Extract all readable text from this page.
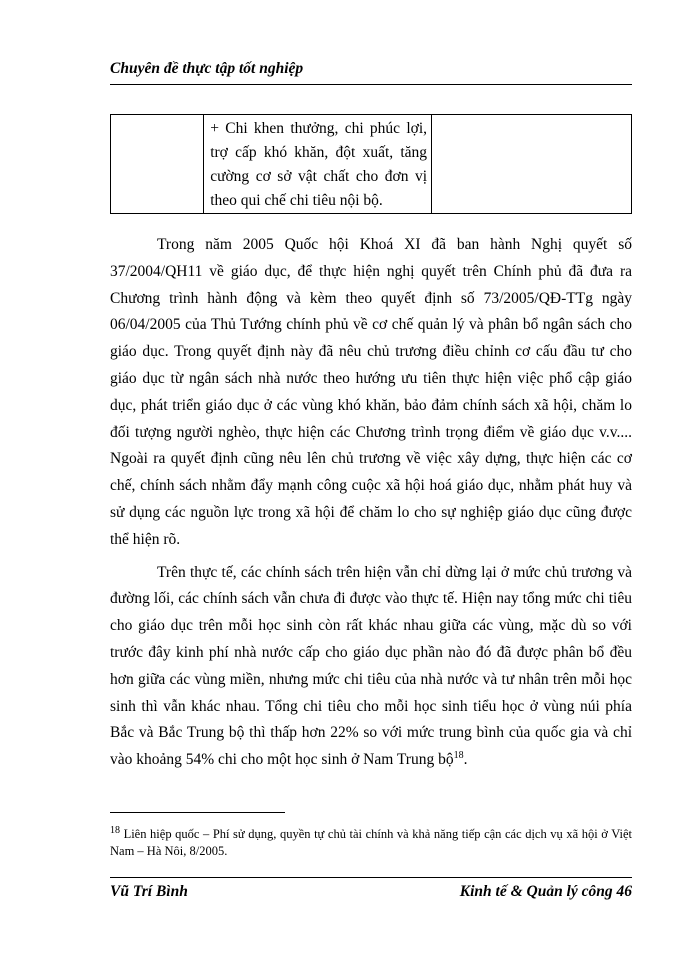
Chuyên đề thực tập tốt nghiệp
	+ Chi khen thưởng, chi phúc lợi, trợ cấp khó khăn, đột xuất, tăng cường cơ sở vật chất cho đơn vị theo qui chế chi tiêu nội bộ.	

Trong năm 2005 Quốc hội Khoá XI đã ban hành Nghị quyết số 37/2004/QH11 về giáo dục, để thực hiện nghị quyết trên Chính phủ đã đưa ra Chương trình hành động và kèm theo quyết định số 73/2005/QĐ-TTg ngày 06/04/2005 của Thủ Tướng chính phủ về cơ chế quản lý và phân bổ ngân sách cho giáo dục. Trong quyết định này đã nêu chủ trương điều chỉnh cơ cấu đầu tư cho giáo dục từ ngân sách nhà nước theo hướng ưu tiên thực hiện việc phổ cập giáo dục, phát triển giáo dục ở các vùng khó khăn, bảo đảm chính sách xã hội, chăm lo đối tượng người nghèo, thực hiện các Chương trình trọng điểm về giáo dục v.v.... Ngoài ra quyết định cũng nêu lên chủ trương về việc xây dựng, thực hiện các cơ chế, chính sách nhằm đẩy mạnh công cuộc xã hội hoá giáo dục, nhằm phát huy và sử dụng các nguồn lực trong xã hội để chăm lo cho sự nghiệp giáo dục cũng được thể hiện rõ.

Trên thực tế, các chính sách trên hiện vẫn chỉ dừng lại ở mức chủ trương và đường lối, các chính sách vẫn chưa đi được vào thực tế. Hiện nay tổng mức chi tiêu cho giáo dục trên mỗi học sinh còn rất khác nhau giữa các vùng, mặc dù so với trước đây kinh phí nhà nước cấp cho giáo dục phần nào đó đã được phân bổ đều hơn giữa các vùng miền, nhưng mức chi tiêu của nhà nước và tư nhân trên mỗi học sinh thì vẫn khác nhau. Tổng chi tiêu cho mỗi học sinh tiểu học ở vùng núi phía Bắc và Bắc Trung bộ thì thấp hơn 22% so với mức trung bình của quốc gia và chỉ vào khoảng 54% chi cho một học sinh ở Nam Trung bộ$^{18}$.

$^{18}$ Liên hiệp quốc – Phí sử dụng, quyền tự chủ tài chính và khả năng tiếp cận các dịch vụ xã hội ở Việt Nam – Hà Nôi, 8/2005.
Vũ Trí Bình	Kinh tế & Quản lý công 46
